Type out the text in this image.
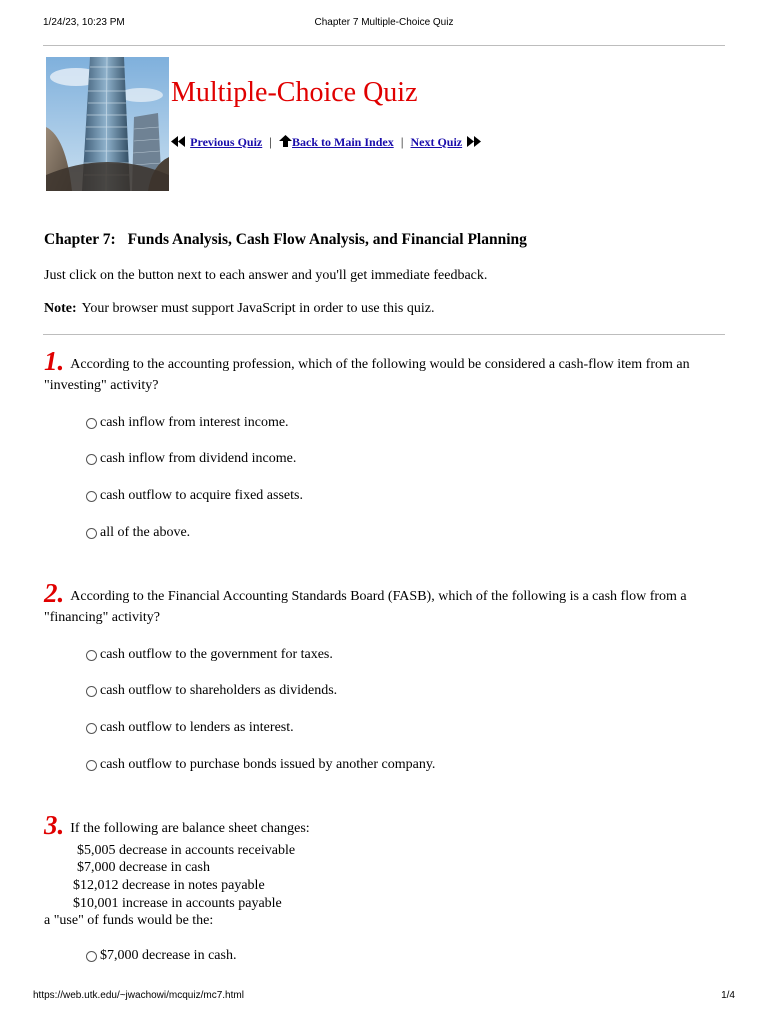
1/24/23, 10:23 PM	Chapter 7 Multiple-Choice Quiz
Multiple-Choice Quiz
Previous Quiz | Back to Main Index | Next Quiz
Chapter 7: Funds Analysis, Cash Flow Analysis, and Financial Planning
Just click on the button next to each answer and you'll get immediate feedback.
Note: Your browser must support JavaScript in order to use this quiz.
1. According to the accounting profession, which of the following would be considered a cash-flow item from an "investing" activity?
cash inflow from interest income.
cash inflow from dividend income.
cash outflow to acquire fixed assets.
all of the above.
2. According to the Financial Accounting Standards Board (FASB), which of the following is a cash flow from a "financing" activity?
cash outflow to the government for taxes.
cash outflow to shareholders as dividends.
cash outflow to lenders as interest.
cash outflow to purchase bonds issued by another company.
3. If the following are balance sheet changes:
$5,005 decrease in accounts receivable
$7,000 decrease in cash
$12,012 decrease in notes payable
$10,001 increase in accounts payable
a "use" of funds would be the:
$7,000 decrease in cash.
https://web.utk.edu/~jwachowi/mcquiz/mc7.html	1/4
